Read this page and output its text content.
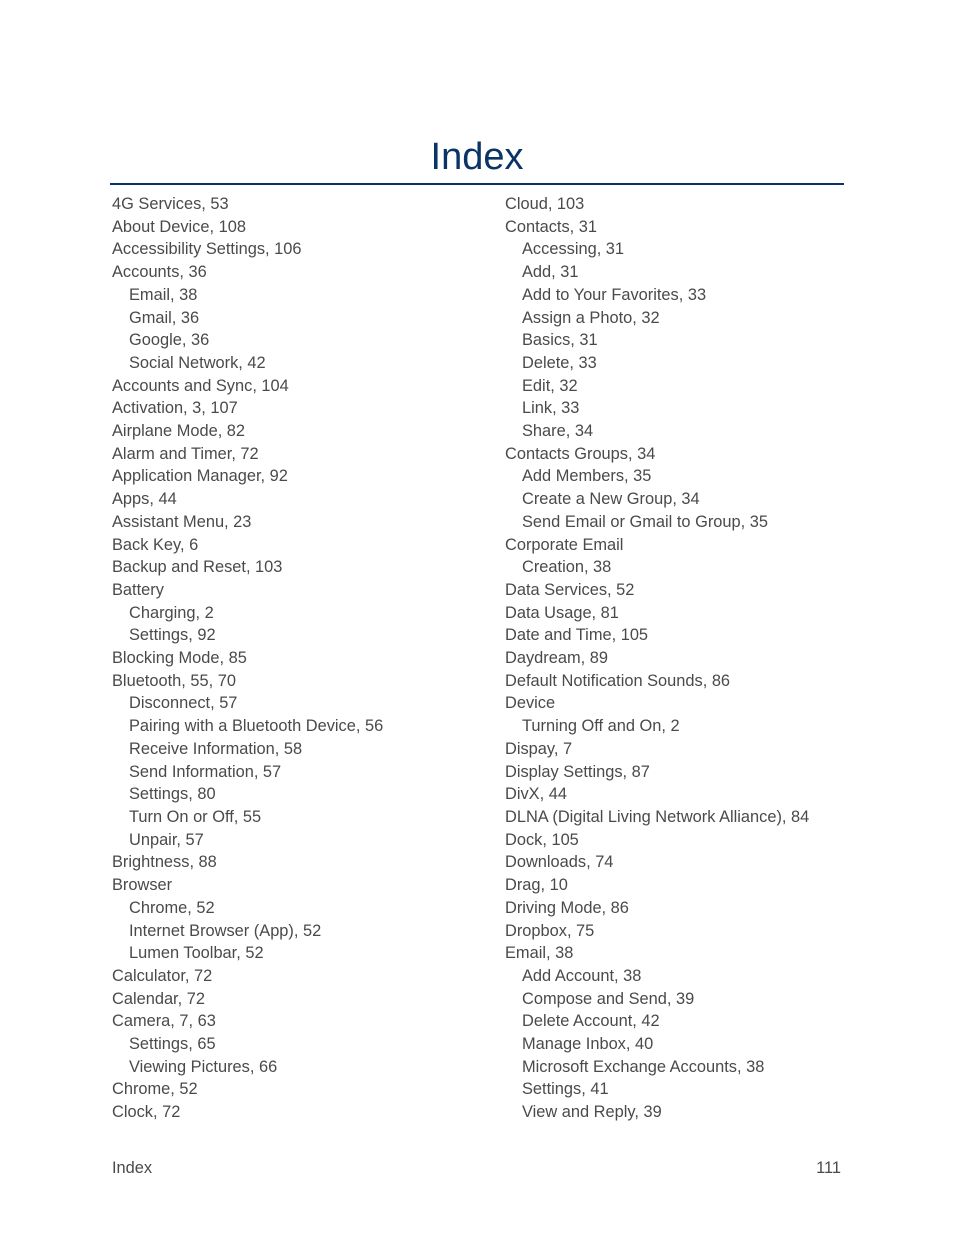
Index
4G Services, 53
About Device, 108
Accessibility Settings, 106
Accounts, 36
Email, 38
Gmail, 36
Google, 36
Social Network, 42
Accounts and Sync, 104
Activation, 3, 107
Airplane Mode, 82
Alarm and Timer, 72
Application Manager, 92
Apps, 44
Assistant Menu, 23
Back Key, 6
Backup and Reset, 103
Battery
Charging, 2
Settings, 92
Blocking Mode, 85
Bluetooth, 55, 70
Disconnect, 57
Pairing with a Bluetooth Device, 56
Receive Information, 58
Send Information, 57
Settings, 80
Turn On or Off, 55
Unpair, 57
Brightness, 88
Browser
Chrome, 52
Internet Browser (App), 52
Lumen Toolbar, 52
Calculator, 72
Calendar, 72
Camera, 7, 63
Settings, 65
Viewing Pictures, 66
Chrome, 52
Clock, 72
Cloud, 103
Contacts, 31
Accessing, 31
Add, 31
Add to Your Favorites, 33
Assign a Photo, 32
Basics, 31
Delete, 33
Edit, 32
Link, 33
Share, 34
Contacts Groups, 34
Add Members, 35
Create a New Group, 34
Send Email or Gmail to Group, 35
Corporate Email
Creation, 38
Data Services, 52
Data Usage, 81
Date and Time, 105
Daydream, 89
Default Notification Sounds, 86
Device
Turning Off and On, 2
Dispay, 7
Display Settings, 87
DivX, 44
DLNA (Digital Living Network Alliance), 84
Dock, 105
Downloads, 74
Drag, 10
Driving Mode, 86
Dropbox, 75
Email, 38
Add Account, 38
Compose and Send, 39
Delete Account, 42
Manage Inbox, 40
Microsoft Exchange Accounts, 38
Settings, 41
View and Reply, 39
Index	111
